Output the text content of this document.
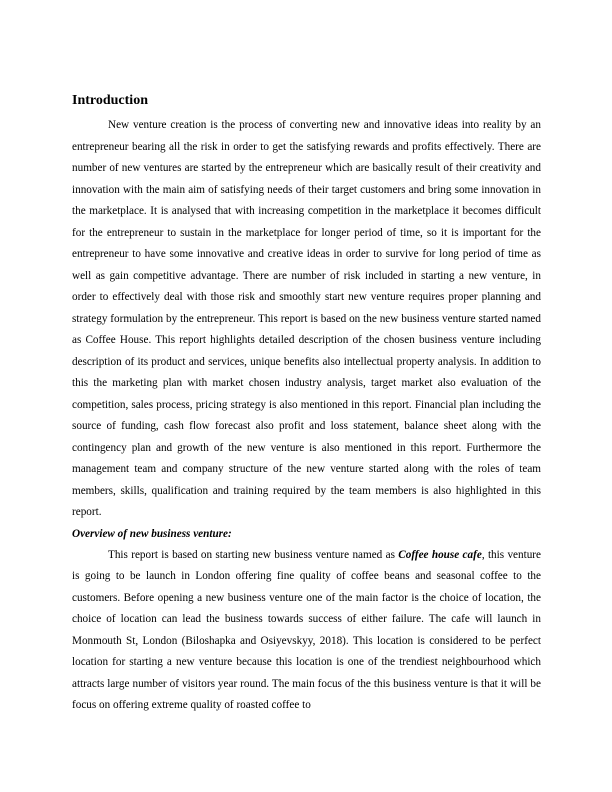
Introduction

New venture creation is the process of converting new and innovative ideas into reality by an entrepreneur bearing all the risk in order to get the satisfying rewards and profits effectively. There are number of new ventures are started by the entrepreneur which are basically result of their creativity and innovation with the main aim of satisfying needs of their target customers and bring some innovation in the marketplace. It is analysed that with increasing competition in the marketplace it becomes difficult for the entrepreneur to sustain in the marketplace for longer period of time, so it is important for the entrepreneur to have some innovative and creative ideas in order to survive for long period of time as well as gain competitive advantage. There are number of risk included in starting a new venture, in order to effectively deal with those risk and smoothly start new venture requires proper planning and strategy formulation by the entrepreneur. This report is based on the new business venture started named as Coffee House. This report highlights detailed description of the chosen business venture including description of its product and services, unique benefits also intellectual property analysis. In addition to this the marketing plan with market chosen industry analysis, target market also evaluation of the competition, sales process, pricing strategy is also mentioned in this report. Financial plan including the source of funding, cash flow forecast also profit and loss statement, balance sheet along with the contingency plan and growth of the new venture is also mentioned in this report. Furthermore the management team and company structure of the new venture started along with the roles of team members, skills, qualification and training required by the team members is also highlighted in this report.

Overview of new business venture:

This report is based on starting new business venture named as Coffee house cafe, this venture is going to be launch in London offering fine quality of coffee beans and seasonal coffee to the customers. Before opening a new business venture one of the main factor is the choice of location, the choice of location can lead the business towards success of either failure. The cafe will launch in Monmouth St, London (Biloshapka and Osiyevskyy, 2018). This location is considered to be perfect location for starting a new venture because this location is one of the trendiest neighbourhood which attracts large number of visitors year round. The main focus of the this business venture is that it will be focus on offering extreme quality of roasted coffee to
